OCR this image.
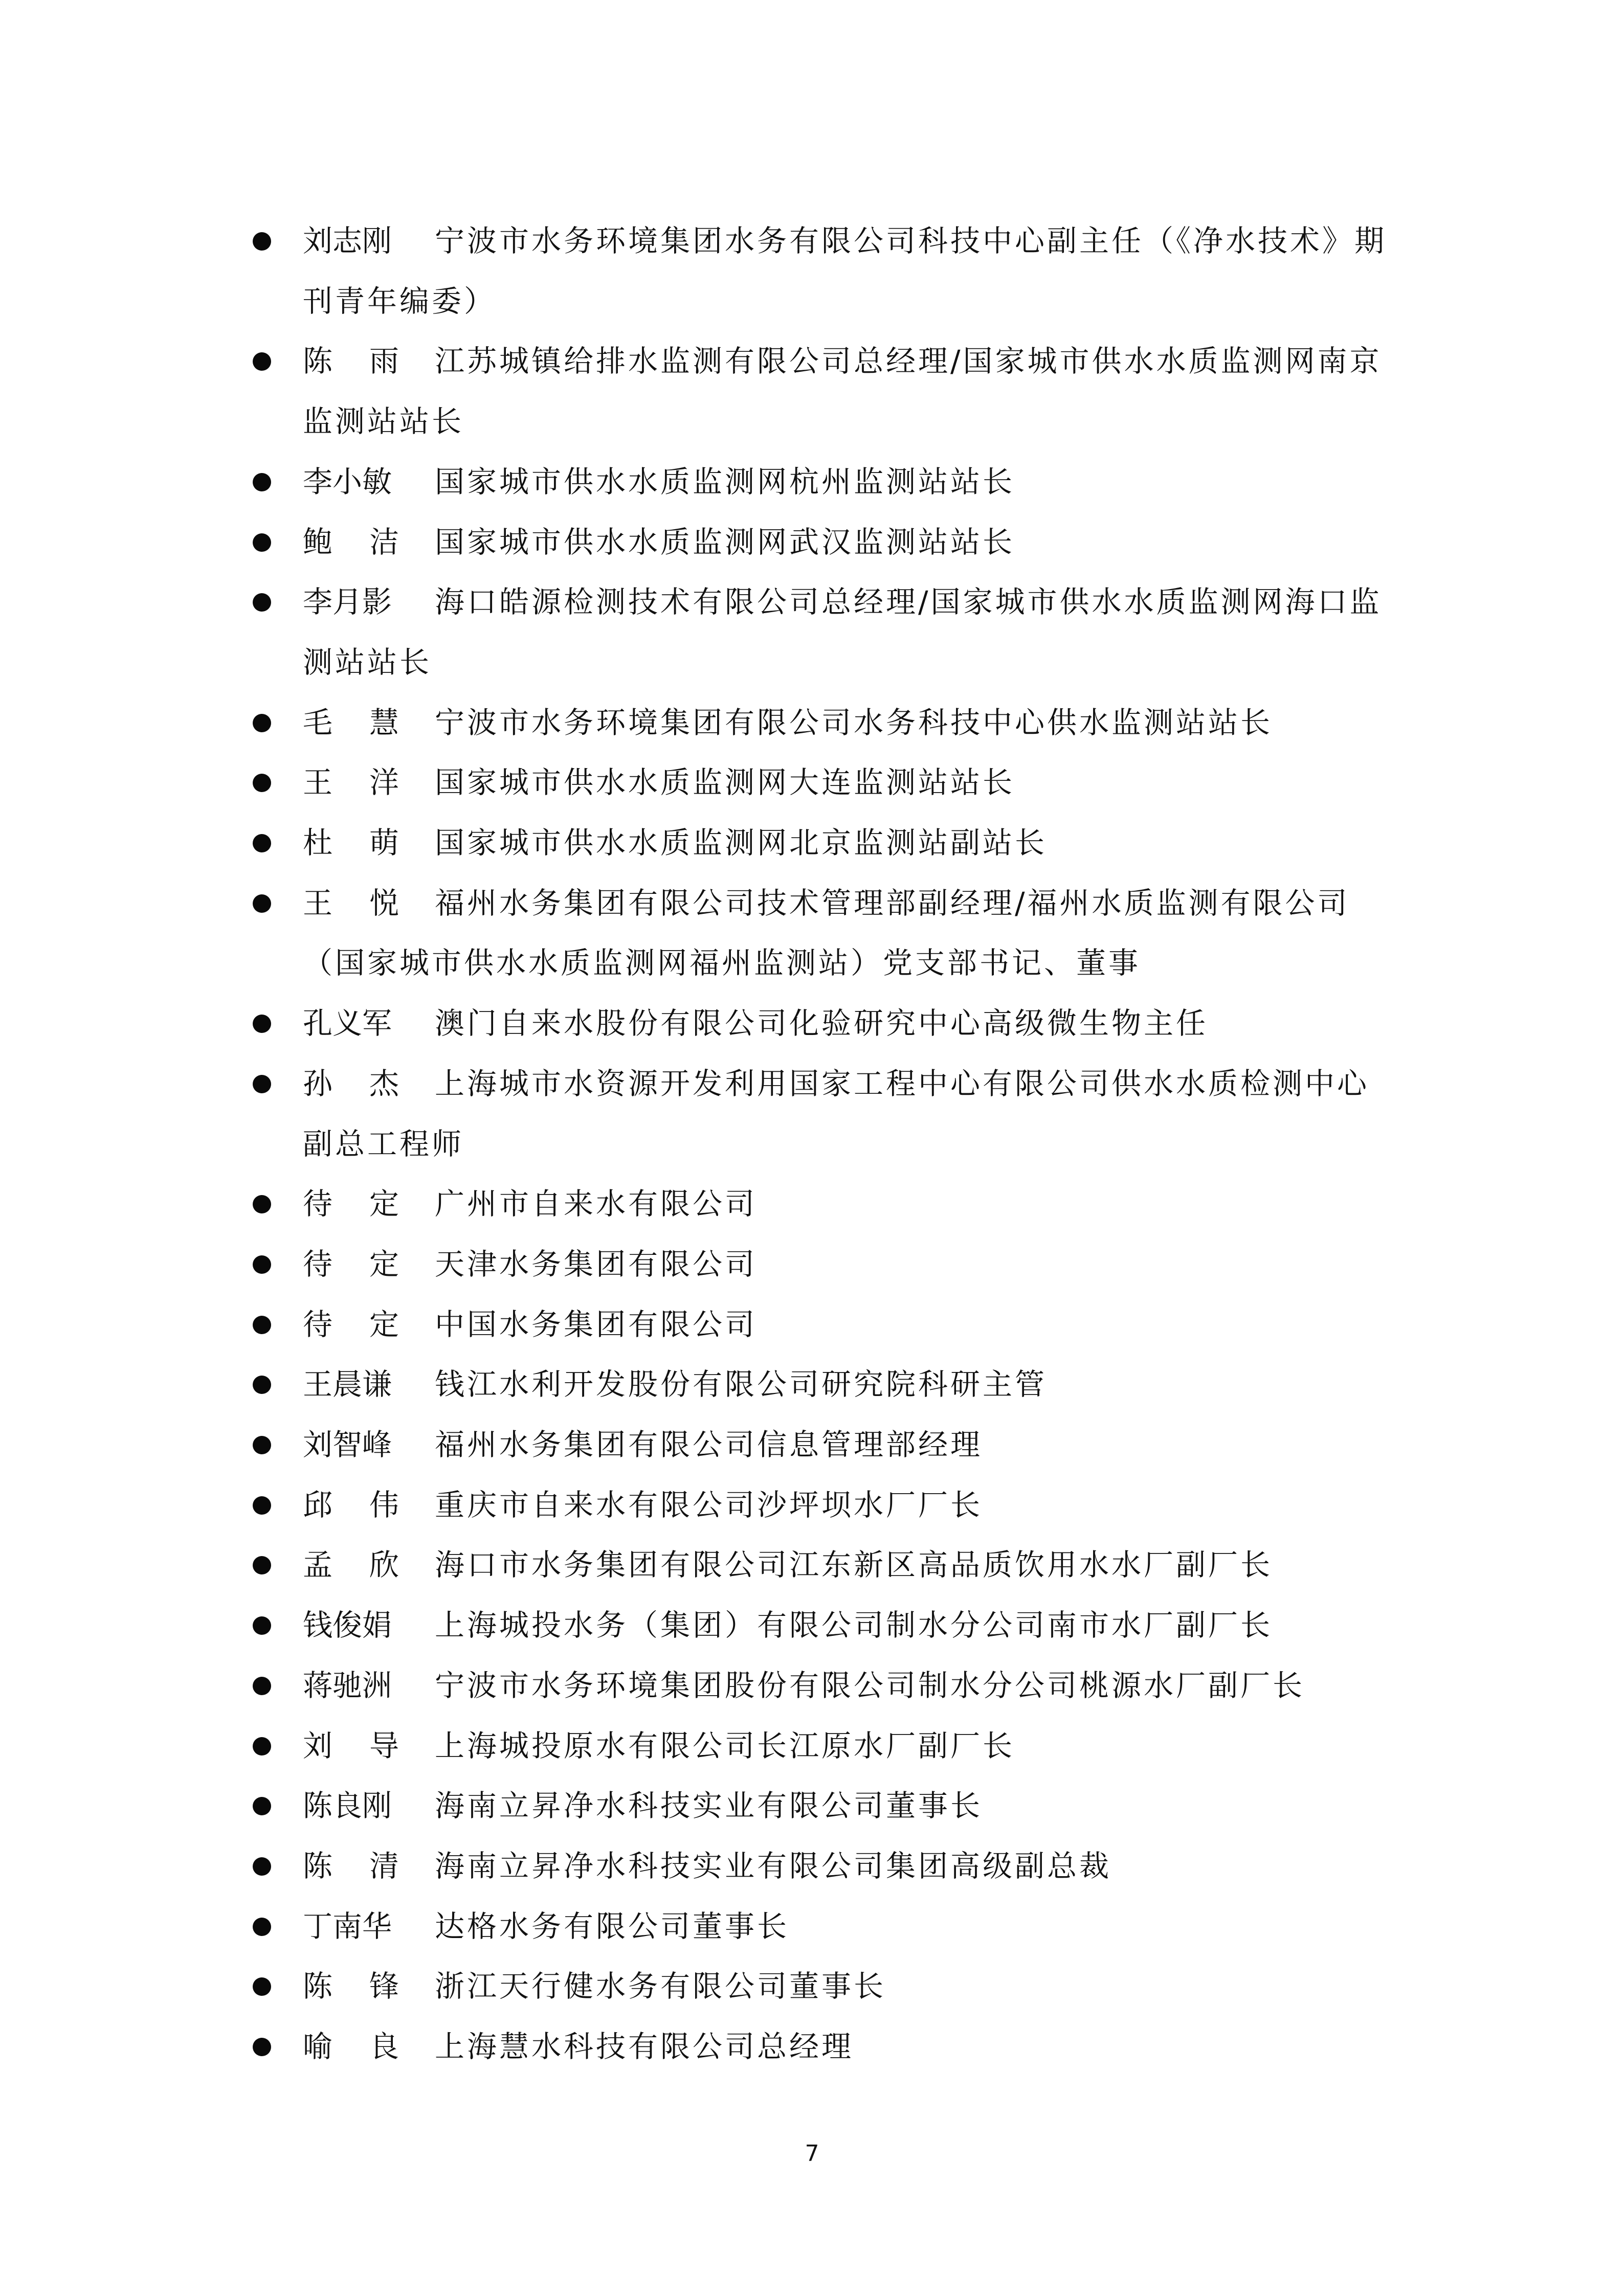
刘志刚 宁波市水务环境集团水务有限公司科技中心副主任（《净水技术》期刊青年编委）
陈雨江苏城镇给排水监测有限公司总经理/国家城市供水水质监测网南京监测站站长
李小敏 国家城市供水水质监测网杭州监测站站长
鲍洁国家城市供水水质监测网武汉监测站站长
李月影 海口皓源检测技术有限公司总经理/国家城市供水水质监测网海口监测站站长
毛慧宁波市水务环境集团有限公司水务科技中心供水监测站站长
王洋国家城市供水水质监测网大连监测站站长
杜萌国家城市供水水质监测网北京监测站副站长
王悦福州水务集团有限公司技术管理部副经理/福州水质监测有限公司（国家城市供水水质监测网福州监测站）党支部书记、董事
孔义军 澳门自来水股份有限公司化验研究中心高级微生物主任
孙杰上海城市水资源开发利用国家工程中心有限公司供水水质检测中心副总工程师
待定广州市自来水有限公司
待定天津水务集团有限公司
待定中国水务集团有限公司
王晨谦 钱江水利开发股份有限公司研究院科研主管
刘智峰 福州水务集团有限公司信息管理部经理
邱伟重庆市自来水有限公司沙坪坝水厂厂长
孟欣海口市水务集团有限公司江东新区高品质饮用水水厂副厂长
钱俊娟 上海城投水务（集团）有限公司制水分公司南市水厂副厂长
蒋驰洲 宁波市水务环境集团股份有限公司制水分公司桃源水厂副厂长
刘导上海城投原水有限公司长江原水厂副厂长
陈良刚 海南立昇净水科技实业有限公司董事长
陈清海南立昇净水科技实业有限公司集团高级副总裁
丁南华 达格水务有限公司董事长
陈锋浙江天行健水务有限公司董事长
喻良上海慧水科技有限公司总经理
7
